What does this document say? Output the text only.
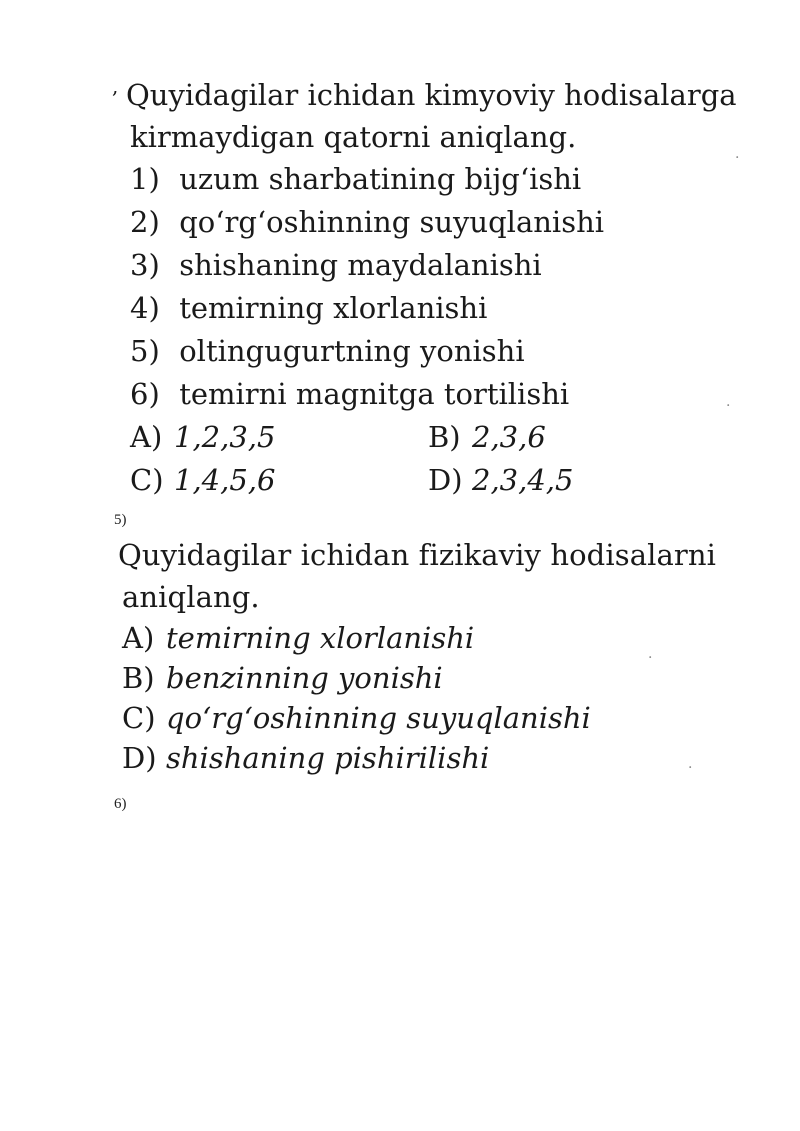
, Quyidagilar ichidan kimyoviy hodisalarga
kirmaydigan qatorni aniqlang.

1) uzum sharbatining bijg‘ishi
2) qo‘rg‘oshinning suyuqlanishi
3) shishaning maydalanishi
4) temirning xlorlanishi
5) oltingugurtning yonishi
6) temirni magnitga tortilishi
A) 1,2,3,5	B) 2,3,6
C) 1,4,5,6	D) 2,3,4,5
5)

Quyidagilar ichidan fizikaviy hodisalarni
aniqlang.

A) temirning xlorlanishi
B) benzinning yonishi
C) qo‘rg‘oshinning suyuqlanishi
D) shishaning pishirilishi
6)
·
·
·
·
